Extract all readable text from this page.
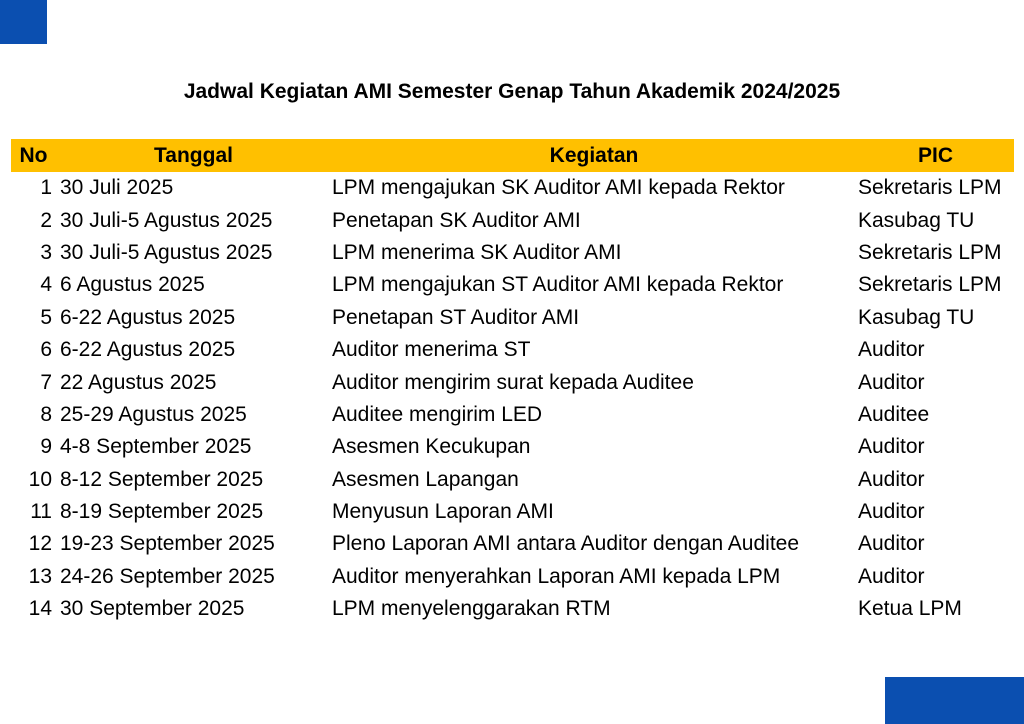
Jadwal Kegiatan AMI Semester Genap Tahun Akademik 2024/2025
No	Tanggal	Kegiatan	PIC
1	30 Juli 2025	LPM mengajukan SK Auditor AMI kepada Rektor	Sekretaris LPM
2	30 Juli-5 Agustus 2025	Penetapan SK Auditor AMI	Kasubag TU
3	30 Juli-5 Agustus 2025	LPM menerima SK Auditor AMI	Sekretaris LPM
4	6 Agustus 2025	LPM mengajukan ST Auditor AMI kepada Rektor	Sekretaris LPM
5	6-22 Agustus 2025	Penetapan ST Auditor AMI	Kasubag TU
6	6-22 Agustus 2025	Auditor menerima ST	Auditor
7	22 Agustus 2025	Auditor mengirim surat kepada Auditee	Auditor
8	25-29 Agustus 2025	Auditee mengirim LED	Auditee
9	4-8 September 2025	Asesmen Kecukupan	Auditor
10	8-12 September 2025	Asesmen Lapangan	Auditor
11	8-19 September 2025	Menyusun Laporan AMI	Auditor
12	19-23 September 2025	Pleno Laporan AMI antara Auditor dengan Auditee	Auditor
13	24-26 September 2025	Auditor menyerahkan Laporan AMI kepada LPM	Auditor
14	30 September 2025	LPM menyelenggarakan RTM	Ketua LPM
